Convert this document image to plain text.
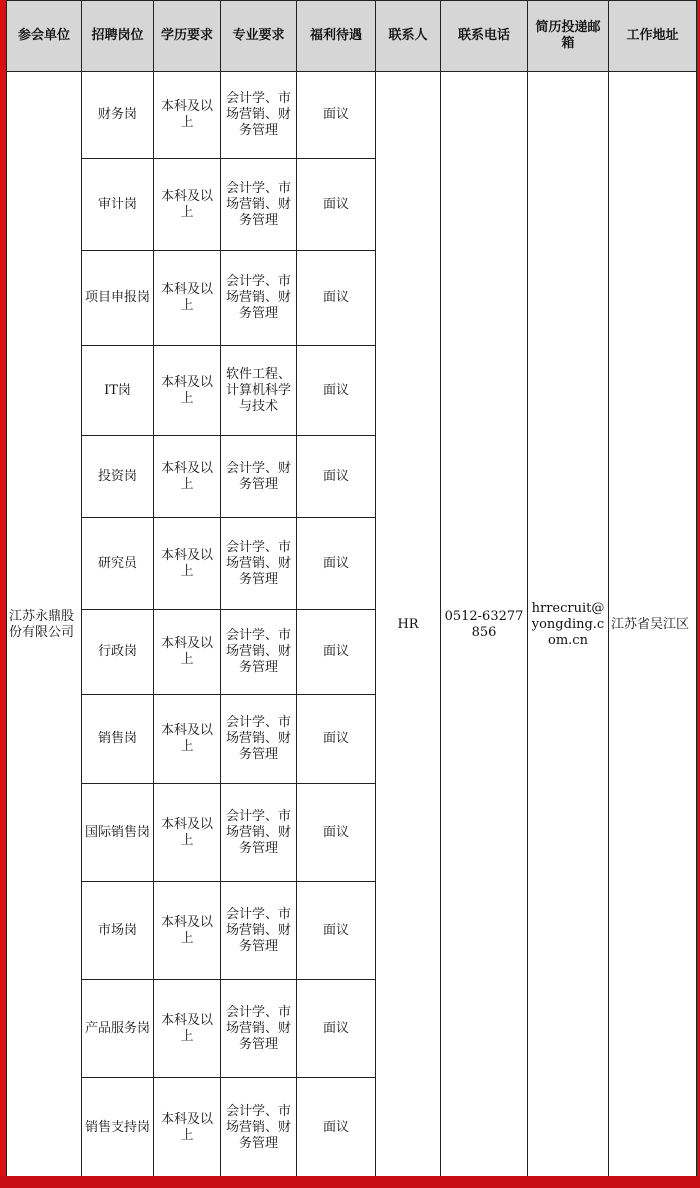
参会单位	招聘岗位	学历要求	专业要求	福利待遇	联系人	联系电话	简历投递邮箱	工作地址
江苏永鼎股份有限公司	财务岗	本科及以上	会计学、市场营销、财务管理	面议	HR	0512-63277856	hrrecruit@yongding.com.cn	江苏省吴江区
	审计岗	本科及以上	会计学、市场营销、财务管理	面议				
	项目申报岗	本科及以上	会计学、市场营销、财务管理	面议				
	IT岗	本科及以上	软件工程、计算机科学与技术	面议				
	投资岗	本科及以上	会计学、财务管理	面议				
	研究员	本科及以上	会计学、市场营销、财务管理	面议				
	行政岗	本科及以上	会计学、市场营销、财务管理	面议				
	销售岗	本科及以上	会计学、市场营销、财务管理	面议				
	国际销售岗	本科及以上	会计学、市场营销、财务管理	面议				
	市场岗	本科及以上	会计学、市场营销、财务管理	面议				
	产品服务岗	本科及以上	会计学、市场营销、财务管理	面议				
	销售支持岗	本科及以上	会计学、市场营销、财务管理	面议				
